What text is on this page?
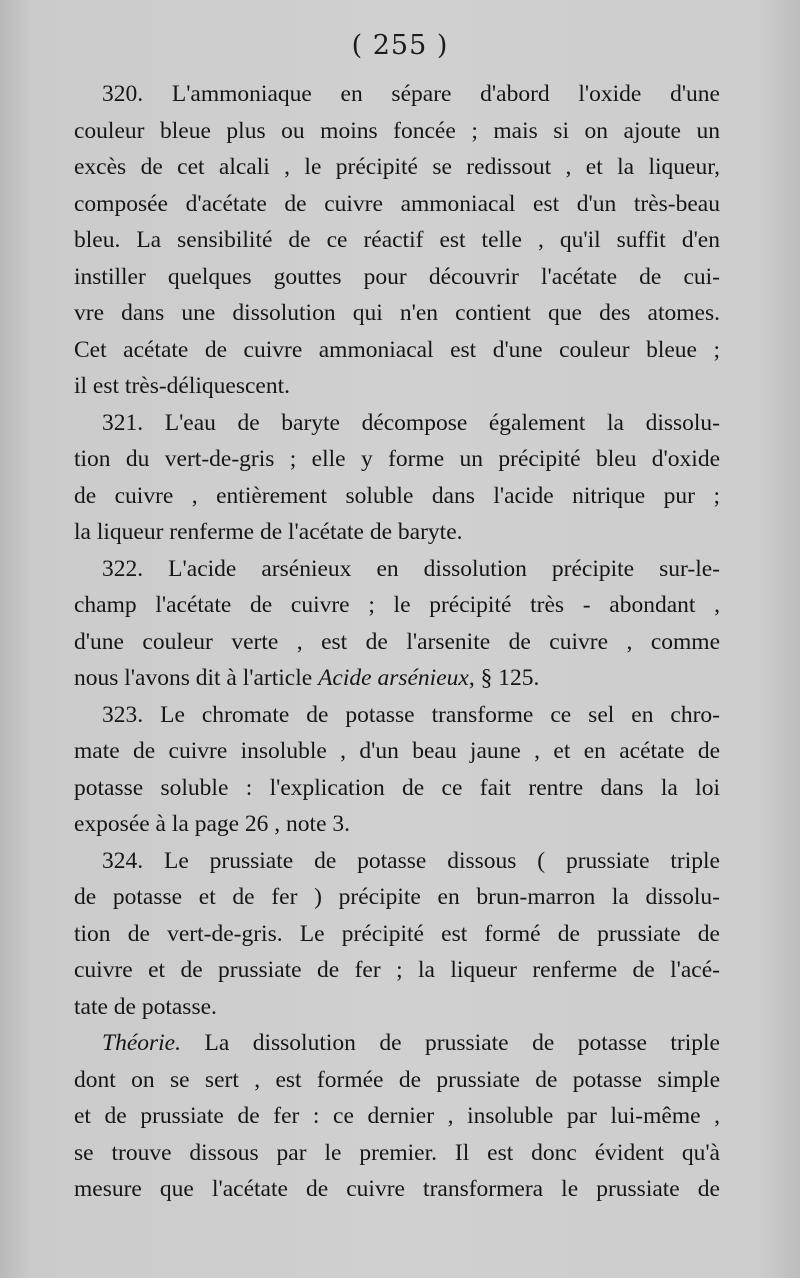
( 255 )
320. L'ammoniaque en sépare d'abord l'oxide d'une
couleur bleue plus ou moins foncée ; mais si on ajoute un
excès de cet alcali , le précipité se redissout , et la liqueur,
composée d'acétate de cuivre ammoniacal est d'un très-beau
bleu. La sensibilité de ce réactif est telle , qu'il suffit d'en
instiller quelques gouttes pour découvrir l'acétate de cui-
vre dans une dissolution qui n'en contient que des atomes.
Cet acétate de cuivre ammoniacal est d'une couleur bleue ;
il est très-déliquescent.
321. L'eau de baryte décompose également la dissolu-
tion du vert-de-gris ; elle y forme un précipité bleu d'oxide
de cuivre , entièrement soluble dans l'acide nitrique pur ;
la liqueur renferme de l'acétate de baryte.
322. L'acide arsénieux en dissolution précipite sur-le-
champ l'acétate de cuivre ; le précipité très - abondant ,
d'une couleur verte , est de l'arsenite de cuivre , comme
nous l'avons dit à l'article Acide arsénieux, § 125.
323. Le chromate de potasse transforme ce sel en chro-
mate de cuivre insoluble , d'un beau jaune , et en acétate de
potasse soluble : l'explication de ce fait rentre dans la loi
exposée à la page 26 , note 3.
324. Le prussiate de potasse dissous ( prussiate triple
de potasse et de fer ) précipite en brun-marron la dissolu-
tion de vert-de-gris. Le précipité est formé de prussiate de
cuivre et de prussiate de fer ; la liqueur renferme de l'acé-
tate de potasse.
Théorie. La dissolution de prussiate de potasse triple
dont on se sert , est formée de prussiate de potasse simple
et de prussiate de fer : ce dernier , insoluble par lui-même ,
se trouve dissous par le premier. Il est donc évident qu'à
mesure que l'acétate de cuivre transformera le prussiate de
